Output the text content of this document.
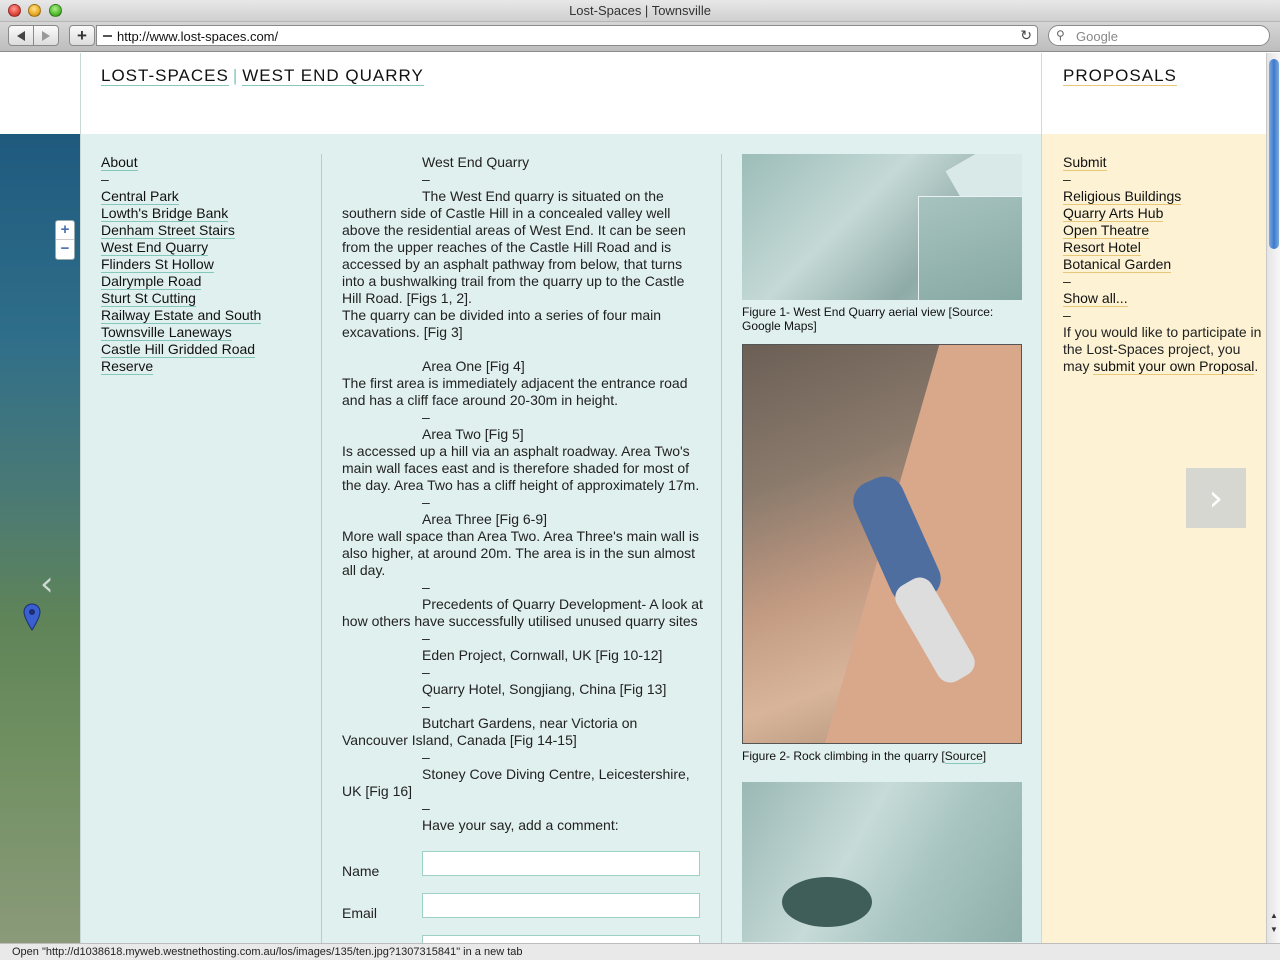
Lost-Spaces | Townsville
+ http://www.lost-spaces.com/	↻ ⚲ Google
LOST-SPACES | WEST END QUARRY
+
−
‹
About
–
Central Park
Lowth's Bridge Bank
Denham Street Stairs
West End Quarry
Flinders St Hollow
Dalrymple Road
Sturt St Cutting
Railway Estate and South
Townsville Laneways
Castle Hill Gridded Road
Reserve
West End Quarry
–
The West End quarry is situated on the southern side of Castle Hill in a concealed valley well above the residential areas of West End. It can be seen from the upper reaches of the Castle Hill Road and is accessed by an asphalt pathway from below, that turns into a bushwalking trail from the quarry up to the Castle Hill Road. [Figs 1, 2].
The quarry can be divided into a series of four main excavations. [Fig 3]
Area One [Fig 4]
The first area is immediately adjacent the entrance road and has a cliff face around 20-30m in height.
–
Area Two [Fig 5]
Is accessed up a hill via an asphalt roadway. Area Two's main wall faces east and is therefore shaded for most of the day. Area Two has a cliff height of approximately 17m.
–
Area Three [Fig 6-9]
More wall space than Area Two. Area Three's main wall is also higher, at around 20m. The area is in the sun almost all day.
–
Precedents of Quarry Development- A look at how others have successfully utilised unused quarry sites
–
Eden Project, Cornwall, UK [Fig 10-12]
–
Quarry Hotel, Songjiang, China [Fig 13]
–
Butchart Gardens, near Victoria on Vancouver Island, Canada [Fig 14-15]
–
Stoney Cove Diving Centre, Leicestershire, UK [Fig 16]
–
Have your say, add a comment:
Name
Email
Figure 1- West End Quarry aerial view [Source: Google Maps]
Figure 2- Rock climbing in the quarry [Source]
PROPOSALS
Submit
–
Religious Buildings
Quarry Arts Hub
Open Theatre
Resort Hotel
Botanical Garden
–
Show all...
–
If you would like to participate in the Lost-Spaces project, you may submit your own Proposal.
›
▲
▼
Open "http://d1038618.myweb.westnethosting.com.au/los/images/135/ten.jpg?1307315841" in a new tab
